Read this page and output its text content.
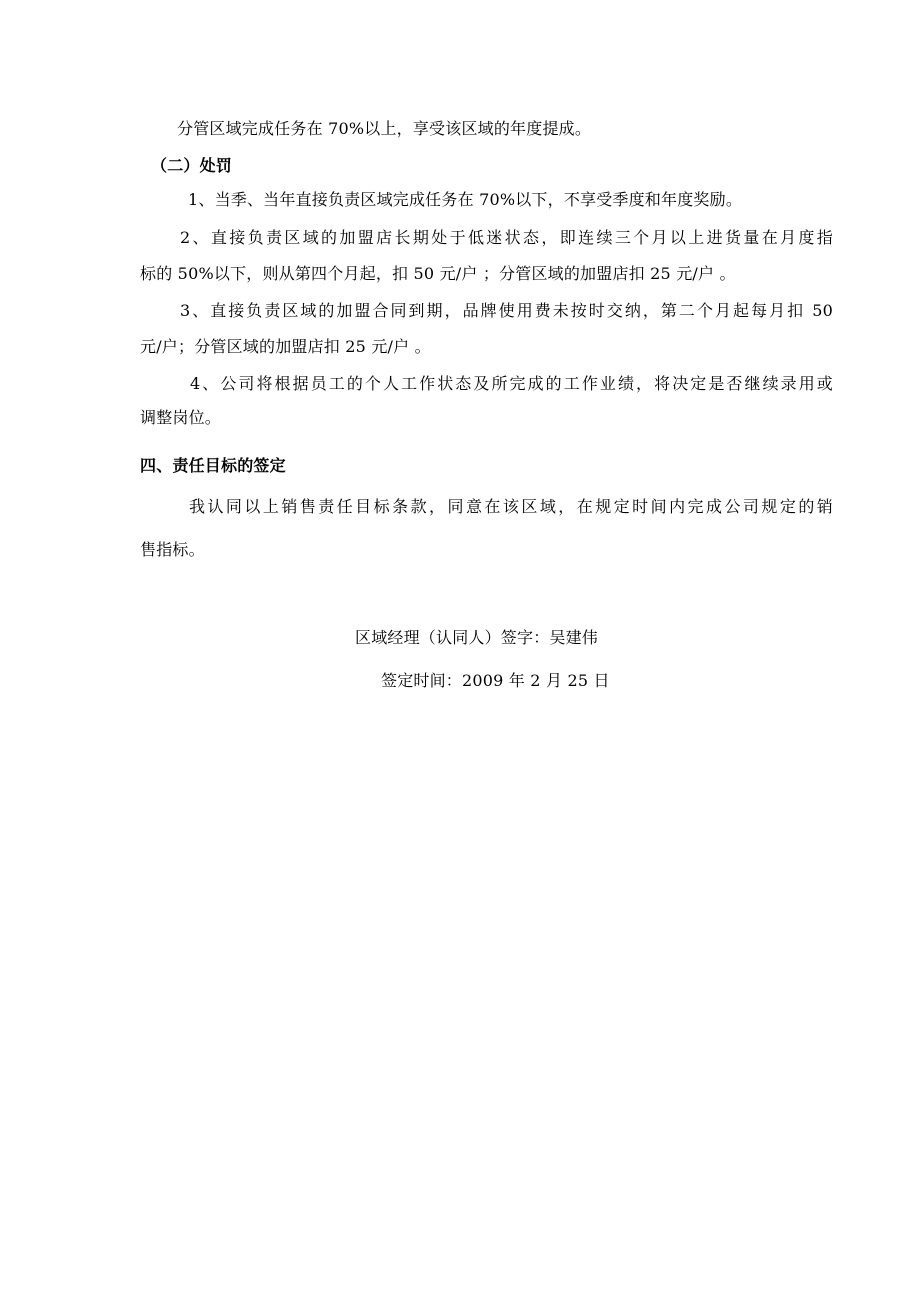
分管区域完成任务在 70%以上，享受该区域的年度提成。
（二）处罚
1、当季、当年直接负责区域完成任务在 70%以下，不享受季度和年度奖励。
2、直接负责区域的加盟店长期处于低迷状态，即连续三个月以上进货量在月度指
标的 50%以下，则从第四个月起，扣 50 元/户 ；分管区域的加盟店扣 25 元/户 。
3、直接负责区域的加盟合同到期，品牌使用费未按时交纳，第二个月起每月扣 50
元/户；分管区域的加盟店扣 25 元/户 。
4、公司将根据员工的个人工作状态及所完成的工作业绩，将决定是否继续录用或
调整岗位。
四、责任目标的签定
我认同以上销售责任目标条款，同意在该区域，在规定时间内完成公司规定的销
售指标。
区域经理（认同人）签字：吴建伟
签定时间：2009 年 2 月 25 日
